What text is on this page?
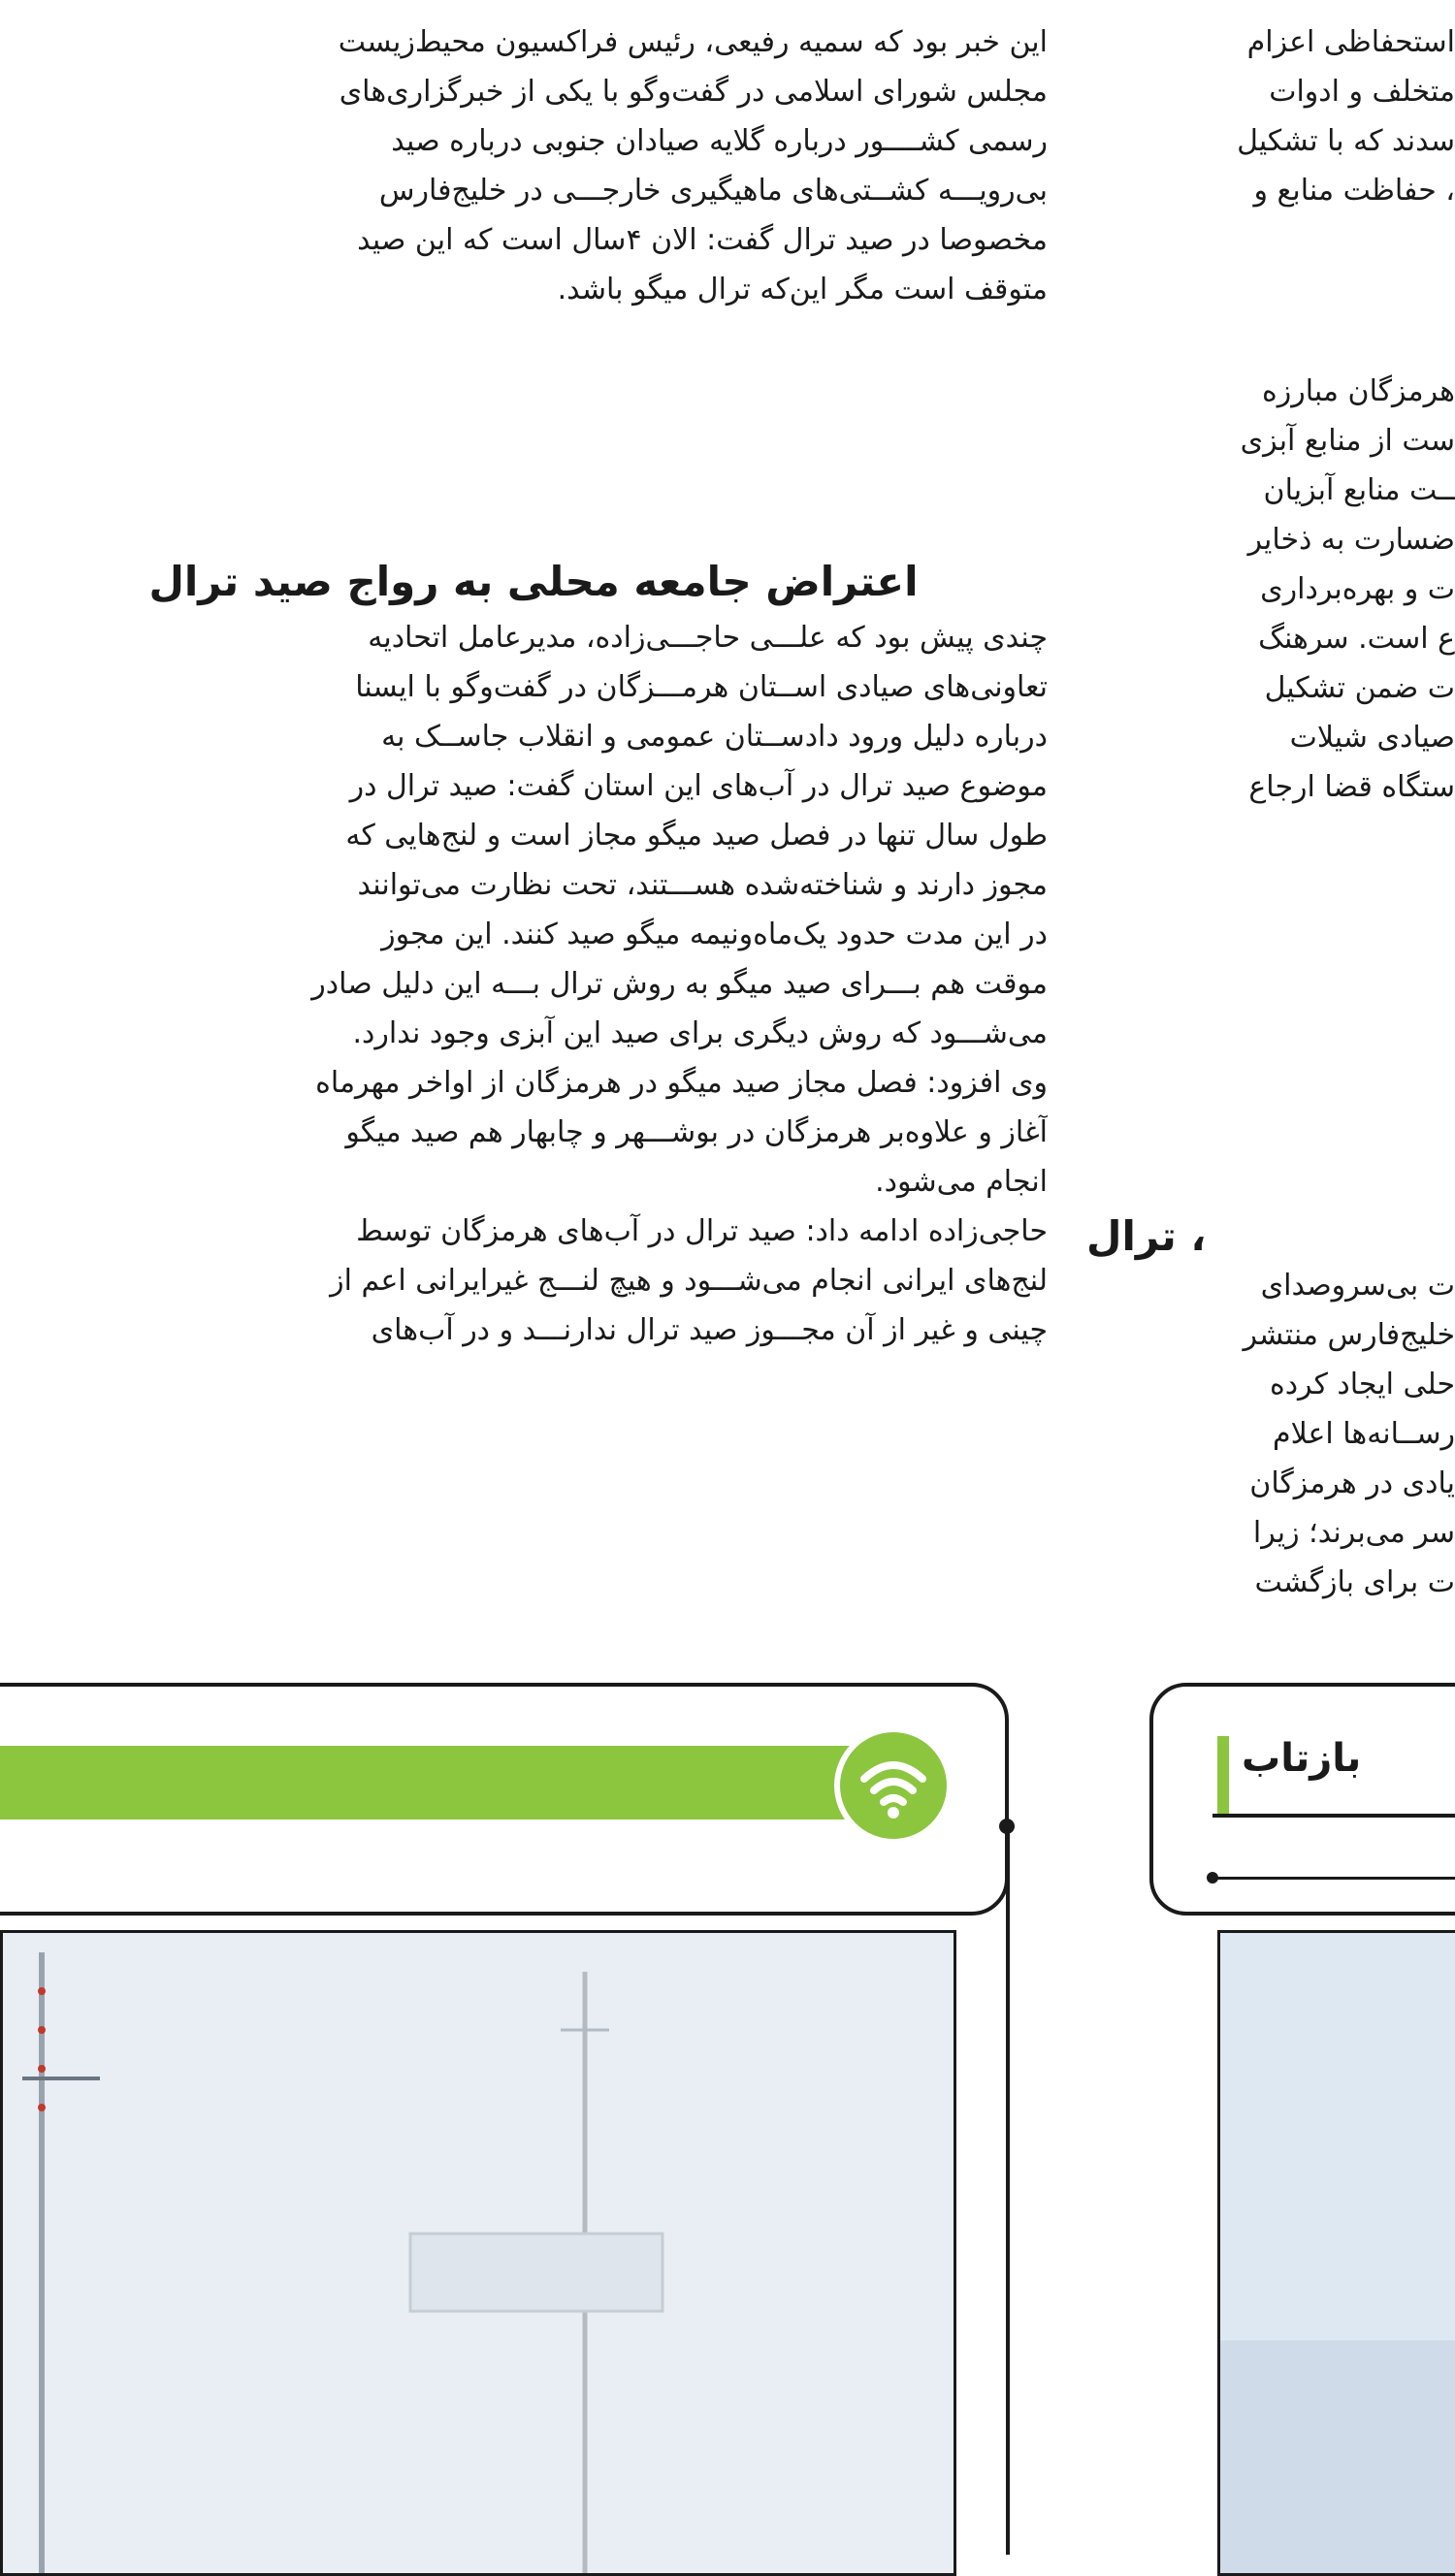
این خبر بود که سمیه رفیعی، رئیس فراکسیون محیط‌زیست

مجلس شورای اسلامی در گفت‌وگو با یکی از خبرگزاری‌های

رسمی کشــــور درباره گلایه صیادان جنوبی درباره صید

بی‌رویـــه کشــتی‌های ماهیگیری خارجـــی در خلیج‌فارس

مخصوصا در صید ترال گفت: الان ۴سال است که این صید

متوقف است مگر این‌که ترال میگو باشد.

اعتراض جامعه محلی به رواج صید ترال

چندی پیش بود که علـــی حاجـــی‌زاده، مدیرعامل اتحادیه

تعاونی‌های صیادی اســتان هرمـــزگان در گفت‌وگو با ایسنا

درباره دلیل ورود دادســتان عمومی و انقلاب جاســک به

موضوع صید ترال در آب‌های این استان گفت: صید ترال در

طول سال تنها در فصل صید میگو مجاز است و لنج‌هایی که

مجوز دارند و شناخته‌شده هســـتند، تحت نظارت می‌توانند

در این مدت حدود یک‌ماه‌ونیمه میگو صید کنند. این مجوز

موقت هم بـــرای صید میگو به روش ترال بـــه این دلیل صادر

می‌شـــود که روش دیگری برای صید این آبزی وجود ندارد.

وی افزود: فصل مجاز صید میگو در هرمزگان از اواخر مهرماه

آغاز و علاوه‌بر هرمزگان در بوشـــهر و چابهار هم صید میگو

انجام می‌شود.

حاجی‌زاده ادامه داد: صید ترال در آب‌های هرمزگان توسط

لنج‌های ایرانی انجام می‌شـــود و هیچ لنـــج غیرایرانی اعم از

چینی و غیر از آن مجـــوز صید ترال ندارنـــد و در آب‌های

استحفاظی اعزام

متخلف و ادوات

سدند که با تشکیل

، حفاظت منابع و

هرمزگان مبارزه

ست از منابع آبزی

ــت منابع آبزیان

ضسارت به ذخایر

ت و بهره‌برداری

ع است. سرهنگ

ت ضمن تشکیل

صیادی شیلات

ستگاه قضا ارجاع

، ترال

ت بی‌سروصدای

خلیج‌فارس منتشر

حلی ایجاد کرده

رســانه‌ها اعلام

یادی در هرمزگان

سر می‌برند؛ زیرا

ت برای بازگشت
بازتاب
